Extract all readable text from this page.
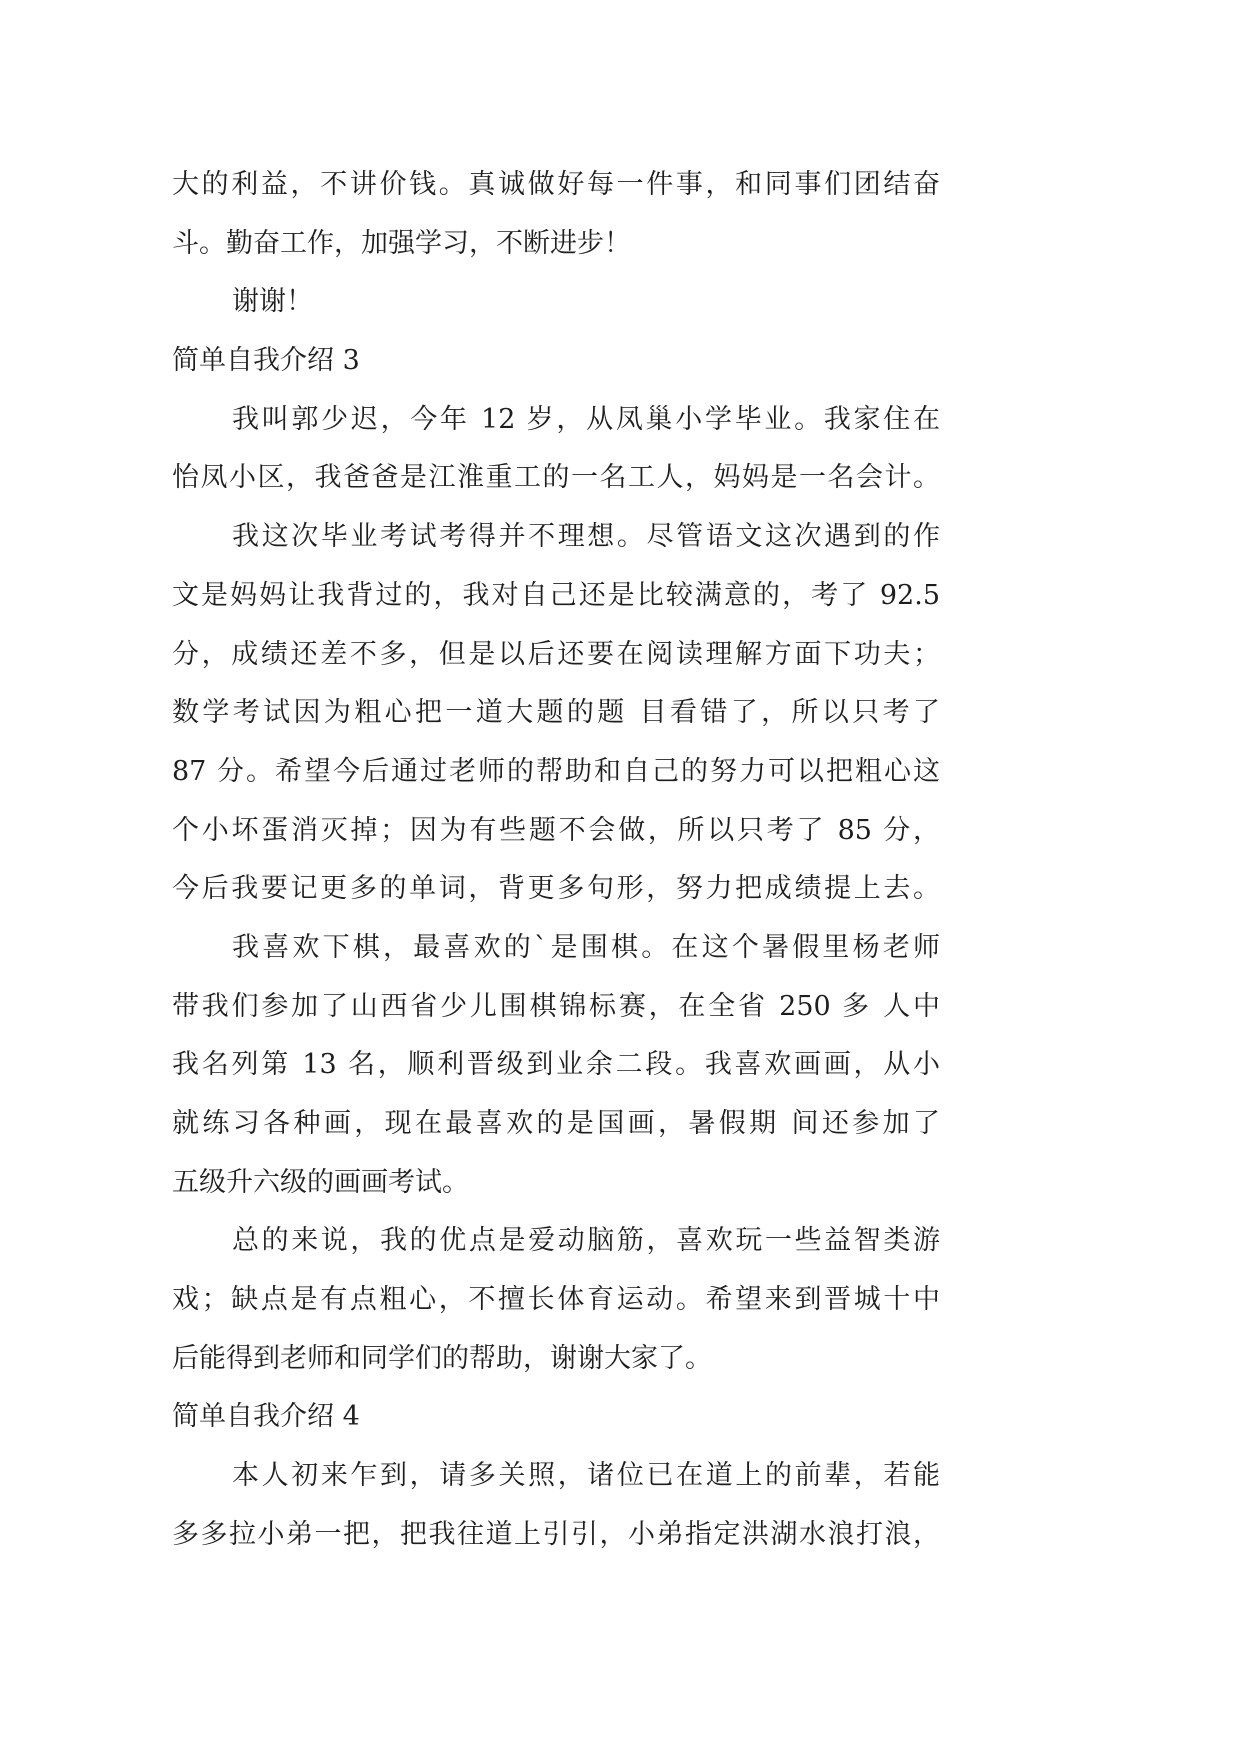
大的利益，不讲价钱。真诚做好每一件事，和同事们团结奋
斗。勤奋工作，加强学习，不断进步！
谢谢！
简单自我介绍 3
我叫郭少迟，今年 12 岁，从凤巢小学毕业。我家住在
怡凤小区，我爸爸是江淮重工的一名工人，妈妈是一名会计。
我这次毕业考试考得并不理想。尽管语文这次遇到的作
文是妈妈让我背过的，我对自己还是比较满意的，考了 92.5
分，成绩还差不多，但是以后还要在阅读理解方面下功夫；
数学考试因为粗心把一道大题的题 目看错了，所以只考了
87 分。希望今后通过老师的帮助和自己的努力可以把粗心这
个小坏蛋消灭掉；因为有些题不会做，所以只考了 85 分，
今后我要记更多的单词，背更多句形，努力把成绩提上去。
我喜欢下棋，最喜欢的`是围棋。在这个暑假里杨老师
带我们参加了山西省少儿围棋锦标赛，在全省 250 多 人中
我名列第 13 名，顺利晋级到业余二段。我喜欢画画，从小
就练习各种画，现在最喜欢的是国画，暑假期 间还参加了
五级升六级的画画考试。
总的来说，我的优点是爱动脑筋，喜欢玩一些益智类游
戏；缺点是有点粗心，不擅长体育运动。希望来到晋城十中
后能得到老师和同学们的帮助，谢谢大家了。
简单自我介绍 4
本人初来乍到，请多关照，诸位已在道上的前辈，若能
多多拉小弟一把，把我往道上引引，小弟指定洪湖水浪打浪，
